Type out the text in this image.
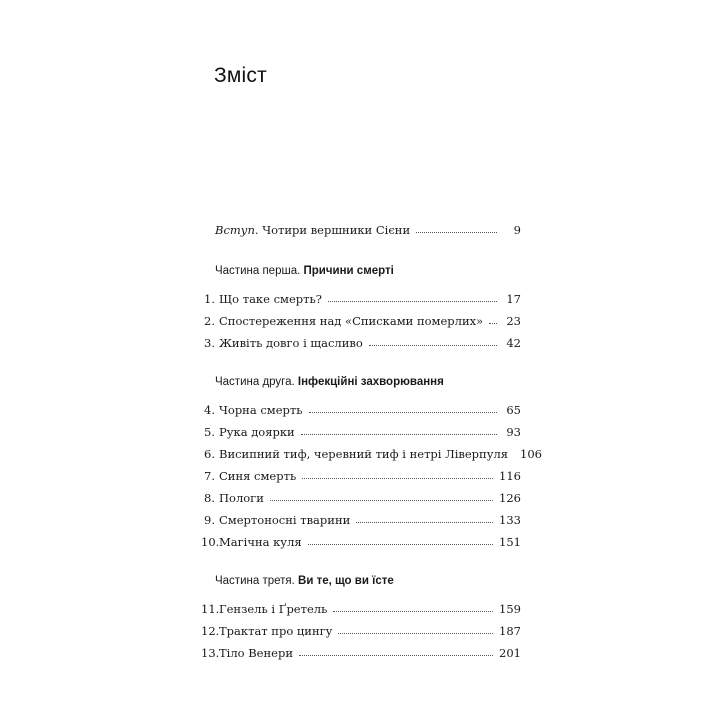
Зміст
Вступ. Чотири вершники Сієни	9
Частина перша. Причини смерті
1. Що таке смерть?	17
2. Спостереження над «Списками померлих» 23
3. Живіть довго і щасливо	42
Частина друга. Інфекційні захворювання
4. Чорна смерть	65
5. Рука доярки	93
6. Висипний тиф, черевний тиф і нетрі Ліверпуля 106
7. Синя смерть	116
8. Пологи	126
9. Смертоносні тварини	133
10. Магічна куля	151
Частина третя. Ви те, що ви їсте
11. Гензель і Ґретель	159
12. Трактат про цингу	187
13. Тіло Венери	201
